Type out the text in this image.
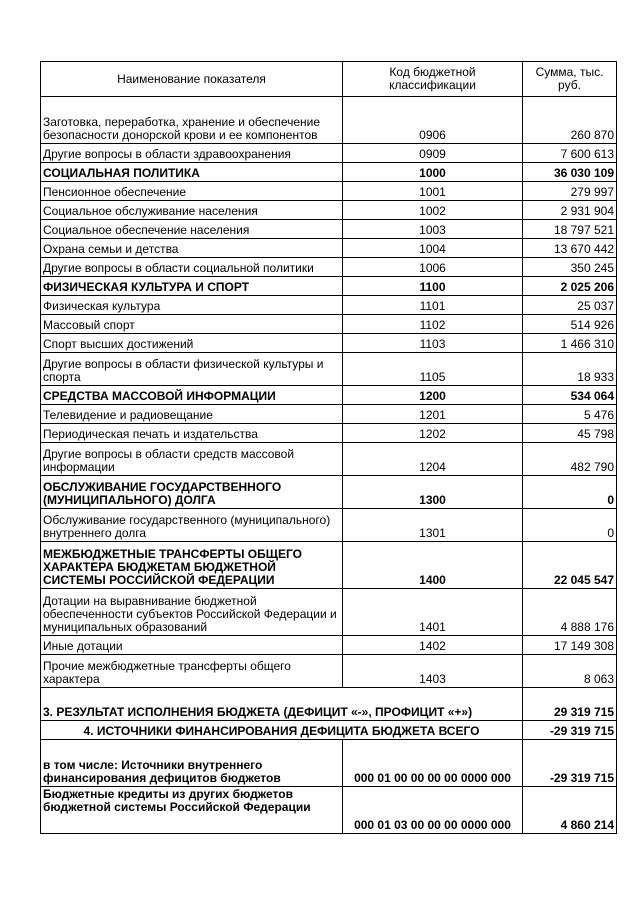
Наименование показателя	Код бюджетной классификации	Сумма, тыс. руб.
Заготовка, переработка, хранение и обеспечение безопасности донорской крови и ее компонентов	0906	260 870
Другие вопросы в области здравоохранения	0909	7 600 613
СОЦИАЛЬНАЯ ПОЛИТИКА	1000	36 030 109
Пенсионное обеспечение	1001	279 997
Социальное обслуживание населения	1002	2 931 904
Социальное обеспечение населения	1003	18 797 521
Охрана семьи и детства	1004	13 670 442
Другие вопросы в области социальной политики	1006	350 245
ФИЗИЧЕСКАЯ КУЛЬТУРА И СПОРТ	1100	2 025 206
Физическая культура	1101	25 037
Массовый спорт	1102	514 926
Спорт высших достижений	1103	1 466 310
Другие вопросы в области физической культуры и спорта	1105	18 933
СРЕДСТВА МАССОВОЙ ИНФОРМАЦИИ	1200	534 064
Телевидение и радиовещание	1201	5 476
Периодическая печать и издательства	1202	45 798
Другие вопросы в области средств массовой информации	1204	482 790
ОБСЛУЖИВАНИЕ ГОСУДАРСТВЕННОГО (МУНИЦИПАЛЬНОГО) ДОЛГА	1300	0
Обслуживание государственного (муниципального) внутреннего долга	1301	0
МЕЖБЮДЖЕТНЫЕ ТРАНСФЕРТЫ ОБЩЕГО ХАРАКТЕРА БЮДЖЕТАМ БЮДЖЕТНОЙ СИСТЕМЫ РОССИЙСКОЙ ФЕДЕРАЦИИ	1400	22 045 547
Дотации на выравнивание бюджетной обеспеченности субъектов Российской Федерации и муниципальных образований	1401	4 888 176
Иные дотации	1402	17 149 308
Прочие межбюджетные трансферты общего характера	1403	8 063
3. РЕЗУЛЬТАТ ИСПОЛНЕНИЯ БЮДЖЕТА (ДЕФИЦИТ «-», ПРОФИЦИТ «+»)		29 319 715
4. ИСТОЧНИКИ ФИНАНСИРОВАНИЯ ДЕФИЦИТА БЮДЖЕТА ВСЕГО		-29 319 715
в том числе: Источники внутреннего финансирования дефицитов бюджетов	000 01 00 00 00 00 0000 000	-29 319 715
Бюджетные кредиты из других бюджетов бюджетной системы Российской Федерации	000 01 03 00 00 00 0000 000	4 860 214
